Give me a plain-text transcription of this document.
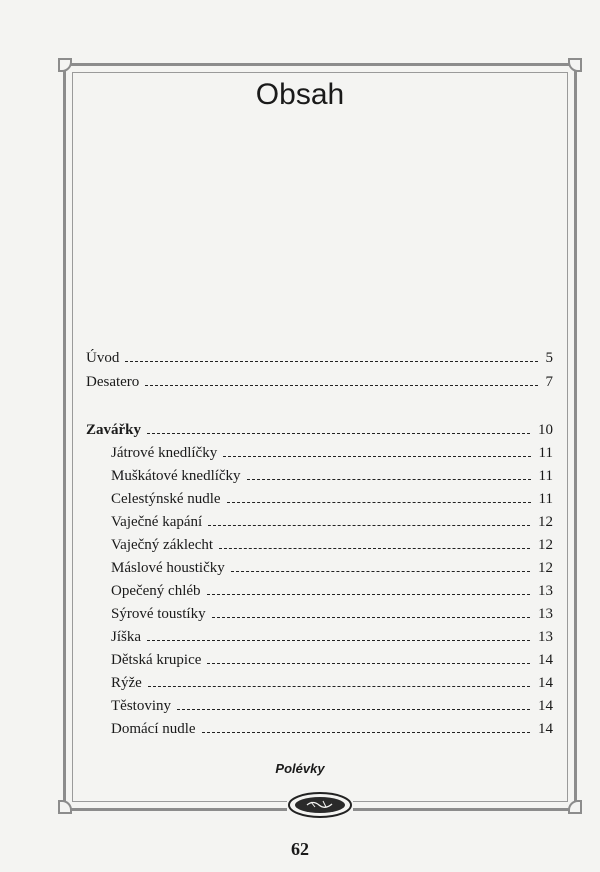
Obsah
Úvod	5
Desatero	7
Zavářky	10
Játrové knedlíčky	11
Muškátové knedlíčky	11
Celestýnské nudle	11
Vaječné kapání	12
Vaječný záklecht	12
Máslové houstičky	12
Opečený chléb	13
Sýrové toustíky	13
Jíška	13
Dětská krupice	14
Rýže	14
Těstoviny	14
Domácí nudle	14
Polévky
62
